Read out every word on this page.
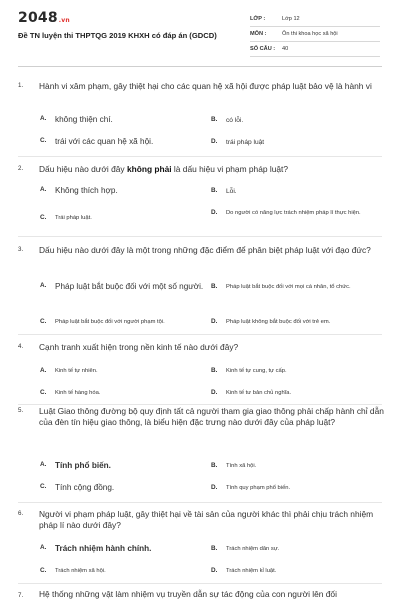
2048.vn
Đề TN luyện thi THPTQG 2019 KHXH có đáp án (GDCD)
LỚP :	Lớp 12
MÔN :	Ôn thi khoa học xã hội
SỐ CÂU :	40
1. Hành vi xâm phạm, gây thiệt hại cho các quan hệ xã hội được pháp luật bảo vệ là hành vi
A.	không thiện chí.	B.	có lỗi.
C.	trái với các quan hệ xã hội.	D.	trái pháp luật
2. Dấu hiệu nào dưới đây không phải là dấu hiệu vi phạm pháp luật?
A.	Không thích hợp.	B.	Lỗi.
C.	Trái pháp luật.
D.	Do người có năng lực trách nhiệm pháp lí thực hiện.
3. Dấu hiệu nào dưới đây là một trong những đặc điểm để phân biệt pháp luật với đạo đức?
A.	Pháp luật bắt buộc đối với một số người. B.	Pháp luật bắt buộc đối với mọi cá nhân, tổ chức.
C.	Pháp luật bắt buộc đối với người phạm tội.	D.	Pháp luật không bắt buộc đối với trẻ em.
4. Cạnh tranh xuất hiện trong nền kinh tế nào dưới đây?
A.	Kinh tế tự nhiên.	B.	Kinh tế tự cung, tự cấp.
C.	Kinh tế hàng hóa.	D.	Kinh tế tư bản chủ nghĩa.
5. Luật Giao thông đường bộ quy định tất cả người tham gia giao thông phải chấp hành chỉ dẫn của đèn tín hiệu giao thông, là biểu hiện đặc trưng nào dưới đây của pháp luật?
A.	Tính phổ biến.	B.	Tính xã hội.
C.	Tính cộng đồng.	D.	Tính quy phạm phổ biến.
6. Người vi phạm pháp luật, gây thiệt hại về tài sản của người khác thì phải chịu trách nhiệm pháp lí nào dưới đây?
A.	Trách nhiệm hành chính.	B.	Trách nhiệm dân sự.
C.	Trách nhiệm xã hội.	D.	Trách nhiệm kỉ luật.
7. Hệ thống những vật làm nhiệm vụ truyền dẫn sự tác động của con người lên đối
